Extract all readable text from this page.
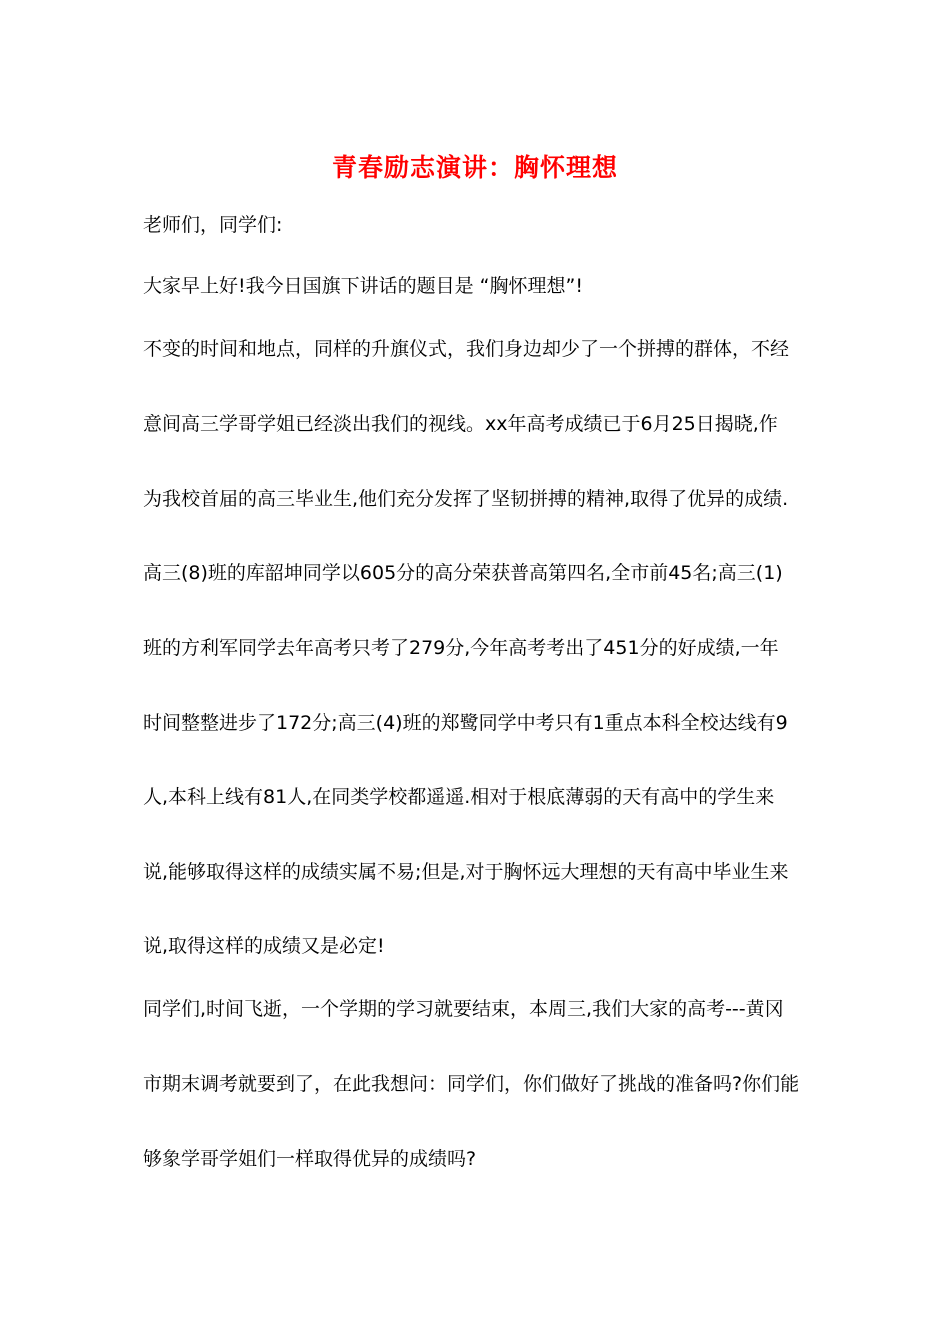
青春励志演讲：胸怀理想
老师们，同学们:
大家早上好!我今日国旗下讲话的题目是 “胸怀理想”!
不变的时间和地点，同样的升旗仪式，我们身边却少了一个拼搏的群体，不经
意间高三学哥学姐已经淡出我们的视线。xx年高考成绩已于6月25日揭晓,作
为我校首届的高三毕业生,他们充分发挥了坚韧拼搏的精神,取得了优异的成绩.
高三(8)班的库韶坤同学以605分的高分荣获普高第四名,全市前45名;高三(1)
班的方利军同学去年高考只考了279分,今年高考考出了451分的好成绩,一年
时间整整进步了172分;高三(4)班的郑鹭同学中考只有1重点本科全校达线有9
人,本科上线有81人,在同类学校都遥遥.相对于根底薄弱的天有高中的学生来
说,能够取得这样的成绩实属不易;但是,对于胸怀远大理想的天有高中毕业生来
说,取得这样的成绩又是必定!
同学们,时间飞逝，一个学期的学习就要结束，本周三,我们大家的高考---黄冈
市期末调考就要到了，在此我想问：同学们，你们做好了挑战的准备吗?你们能
够象学哥学姐们一样取得优异的成绩吗?
